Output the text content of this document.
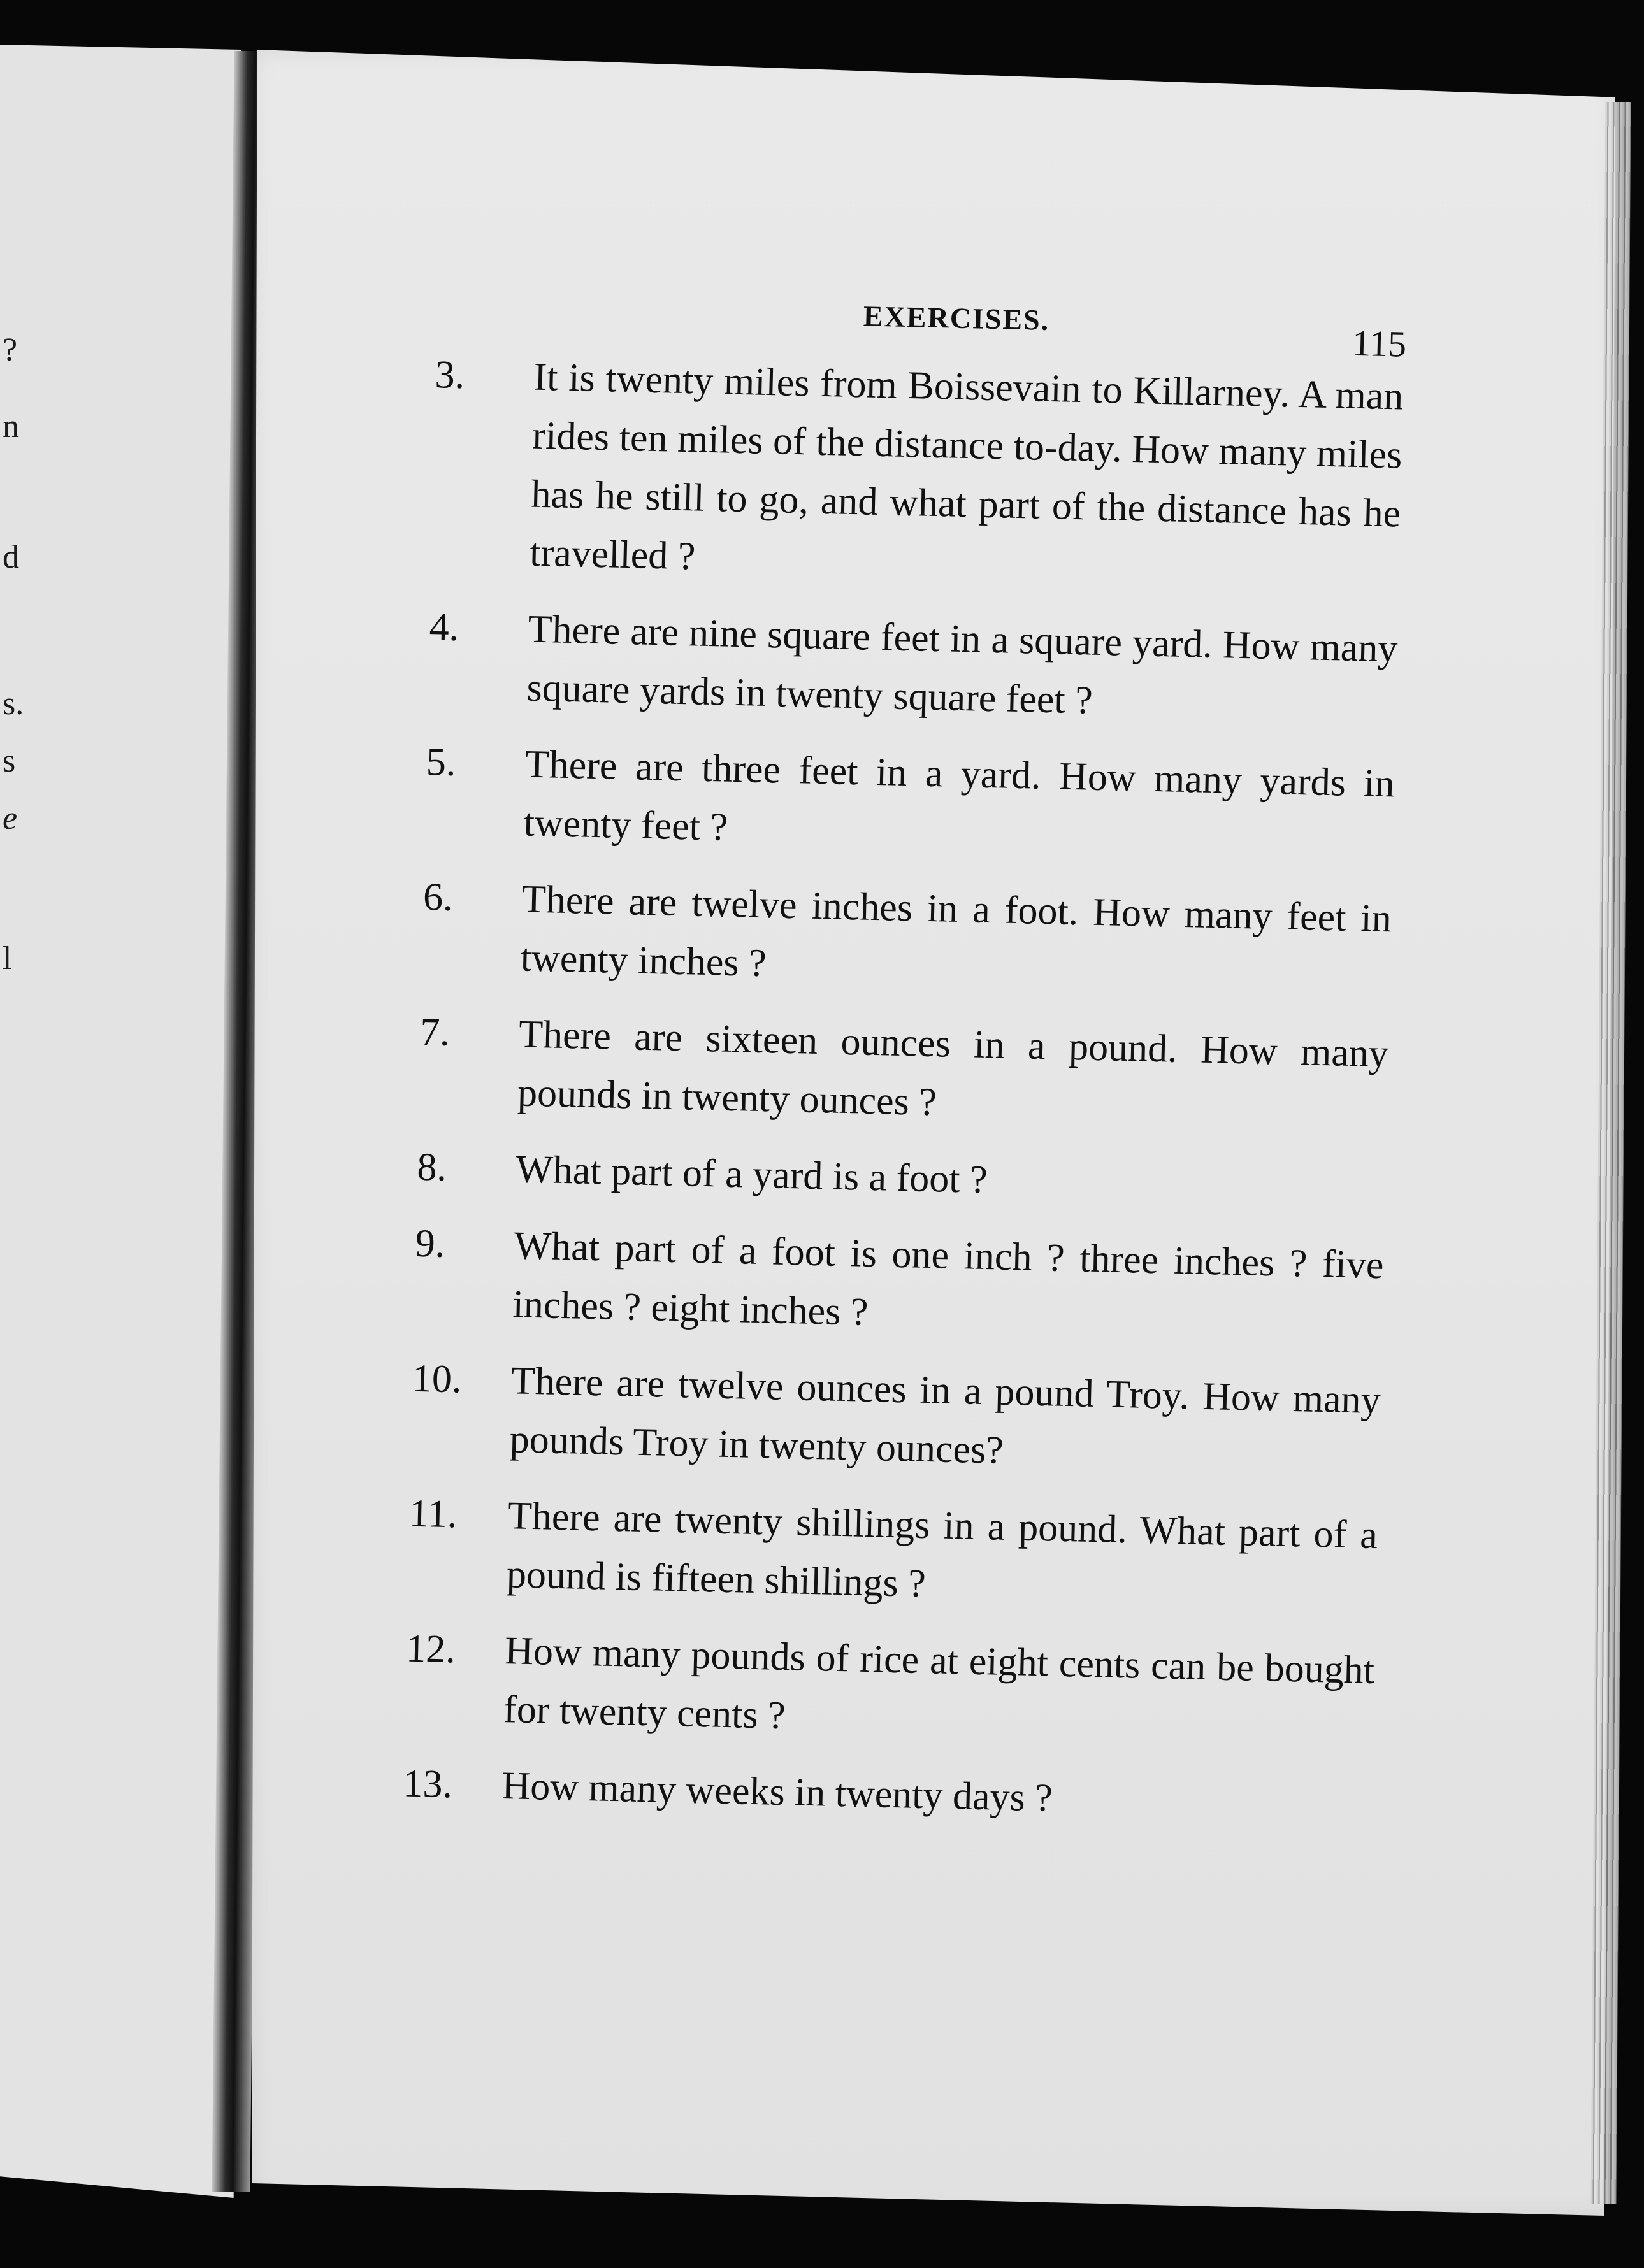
?
n
d
s.
s
e
l
EXERCISES.
115
3.	It is twenty miles from Boissevain to Killarney. A man rides ten miles of the distance to-day. How many miles has he still to go, and what part of the distance has he travelled ?
4.	There are nine square feet in a square yard. How many square yards in twenty square feet ?
5.	There are three feet in a yard. How many yards in twenty feet ?
6.	There are twelve inches in a foot. How many feet in twenty inches ?
7.	There are sixteen ounces in a pound. How many pounds in twenty ounces ?
8.	What part of a yard is a foot ?
9.	What part of a foot is one inch ? three inches ? five inches ? eight inches ?
10.	There are twelve ounces in a pound Troy. How many pounds Troy in twenty ounces?
11.	There are twenty shillings in a pound. What part of a pound is fifteen shillings ?
12.	How many pounds of rice at eight cents can be bought for twenty cents ?
13.	How many weeks in twenty days ?
